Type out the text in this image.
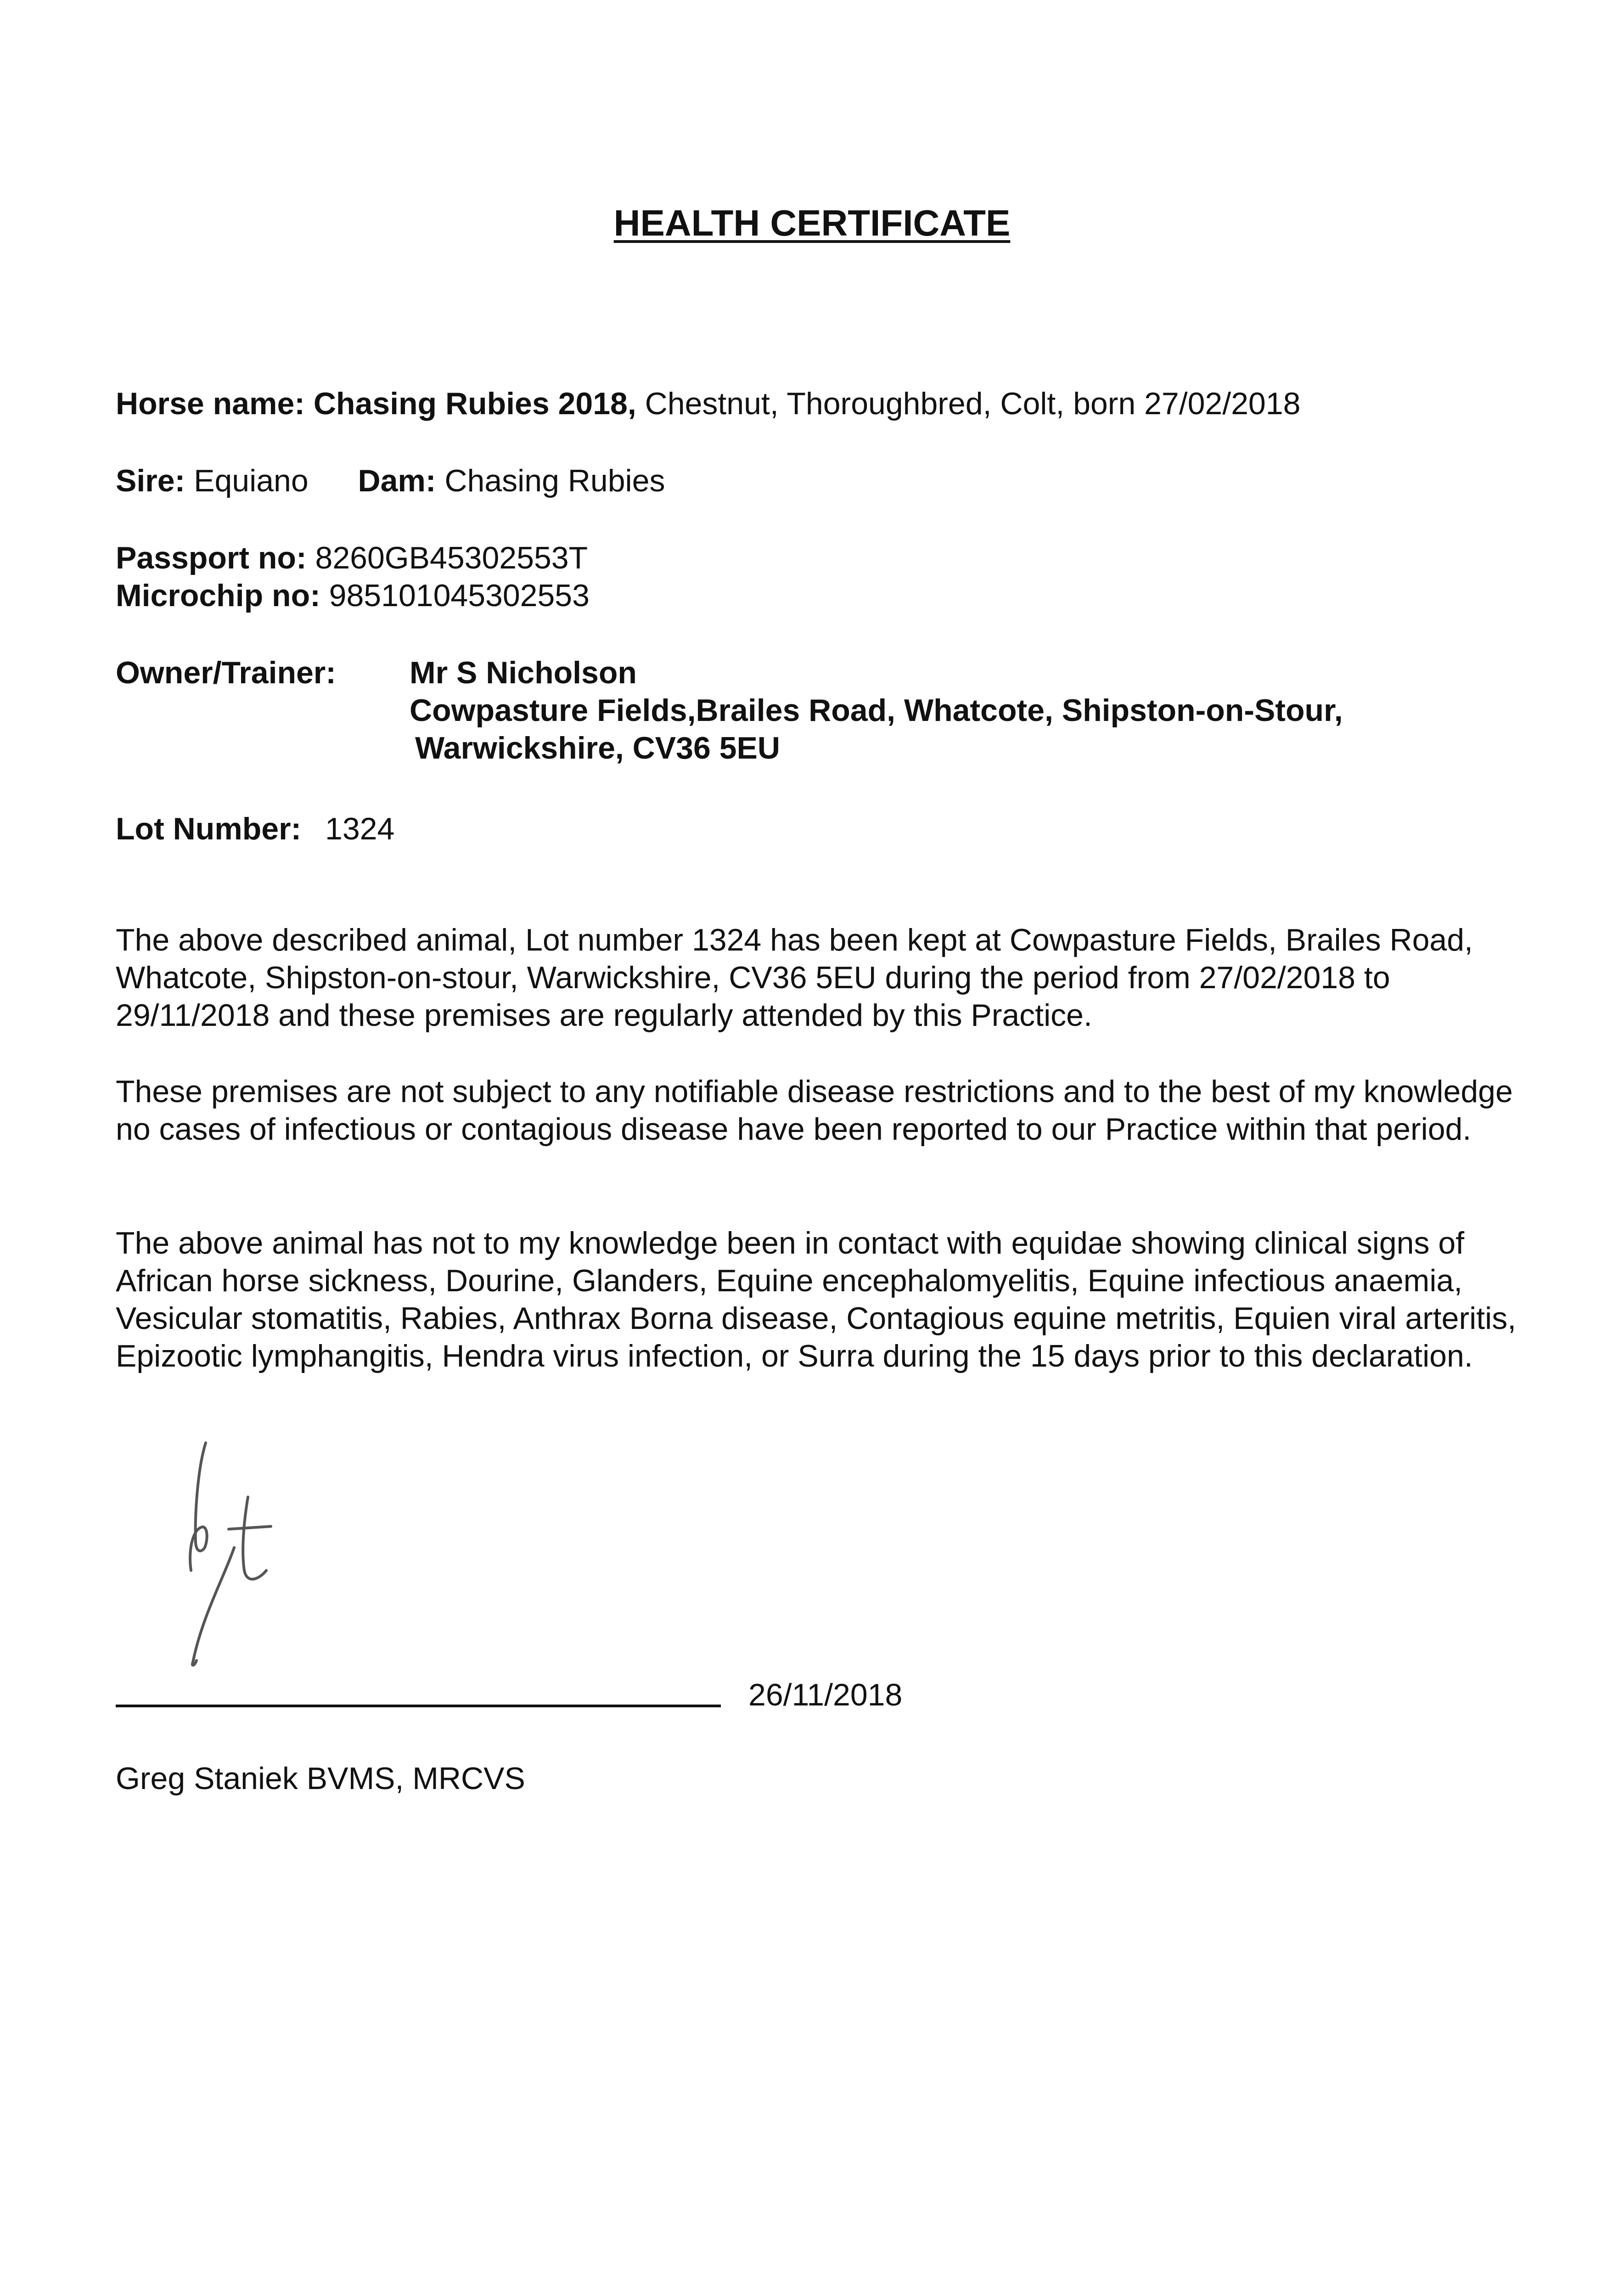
HEALTH CERTIFICATE
Horse name: Chasing Rubies 2018, Chestnut, Thoroughbred, Colt, born 27/02/2018
Sire: Equiano Dam: Chasing Rubies
Passport no: 8260GB45302553T
Microchip no: 985101045302553
Owner/Trainer: Mr S Nicholson
Cowpasture Fields,Brailes Road, Whatcote, Shipston-on-Stour,
Warwickshire, CV36 5EU
Lot Number: 1324

The above described animal, Lot number 1324 has been kept at Cowpasture Fields, Brailes Road, Whatcote, Shipston-on-stour, Warwickshire, CV36 5EU during the period from 27/02/2018 to 29/11/2018 and these premises are regularly attended by this Practice.

These premises are not subject to any notifiable disease restrictions and to the best of my knowledge no cases of infectious or contagious disease have been reported to our Practice within that period.

The above animal has not to my knowledge been in contact with equidae showing clinical signs of African horse sickness, Dourine, Glanders, Equine encephalomyelitis, Equine infectious anaemia, Vesicular stomatitis, Rabies, Anthrax Borna disease, Contagious equine metritis, Equien viral arteritis, Epizootic lymphangitis, Hendra virus infection, or Surra during the 15 days prior to this declaration.

26/11/2018
Greg Staniek BVMS, MRCVS
